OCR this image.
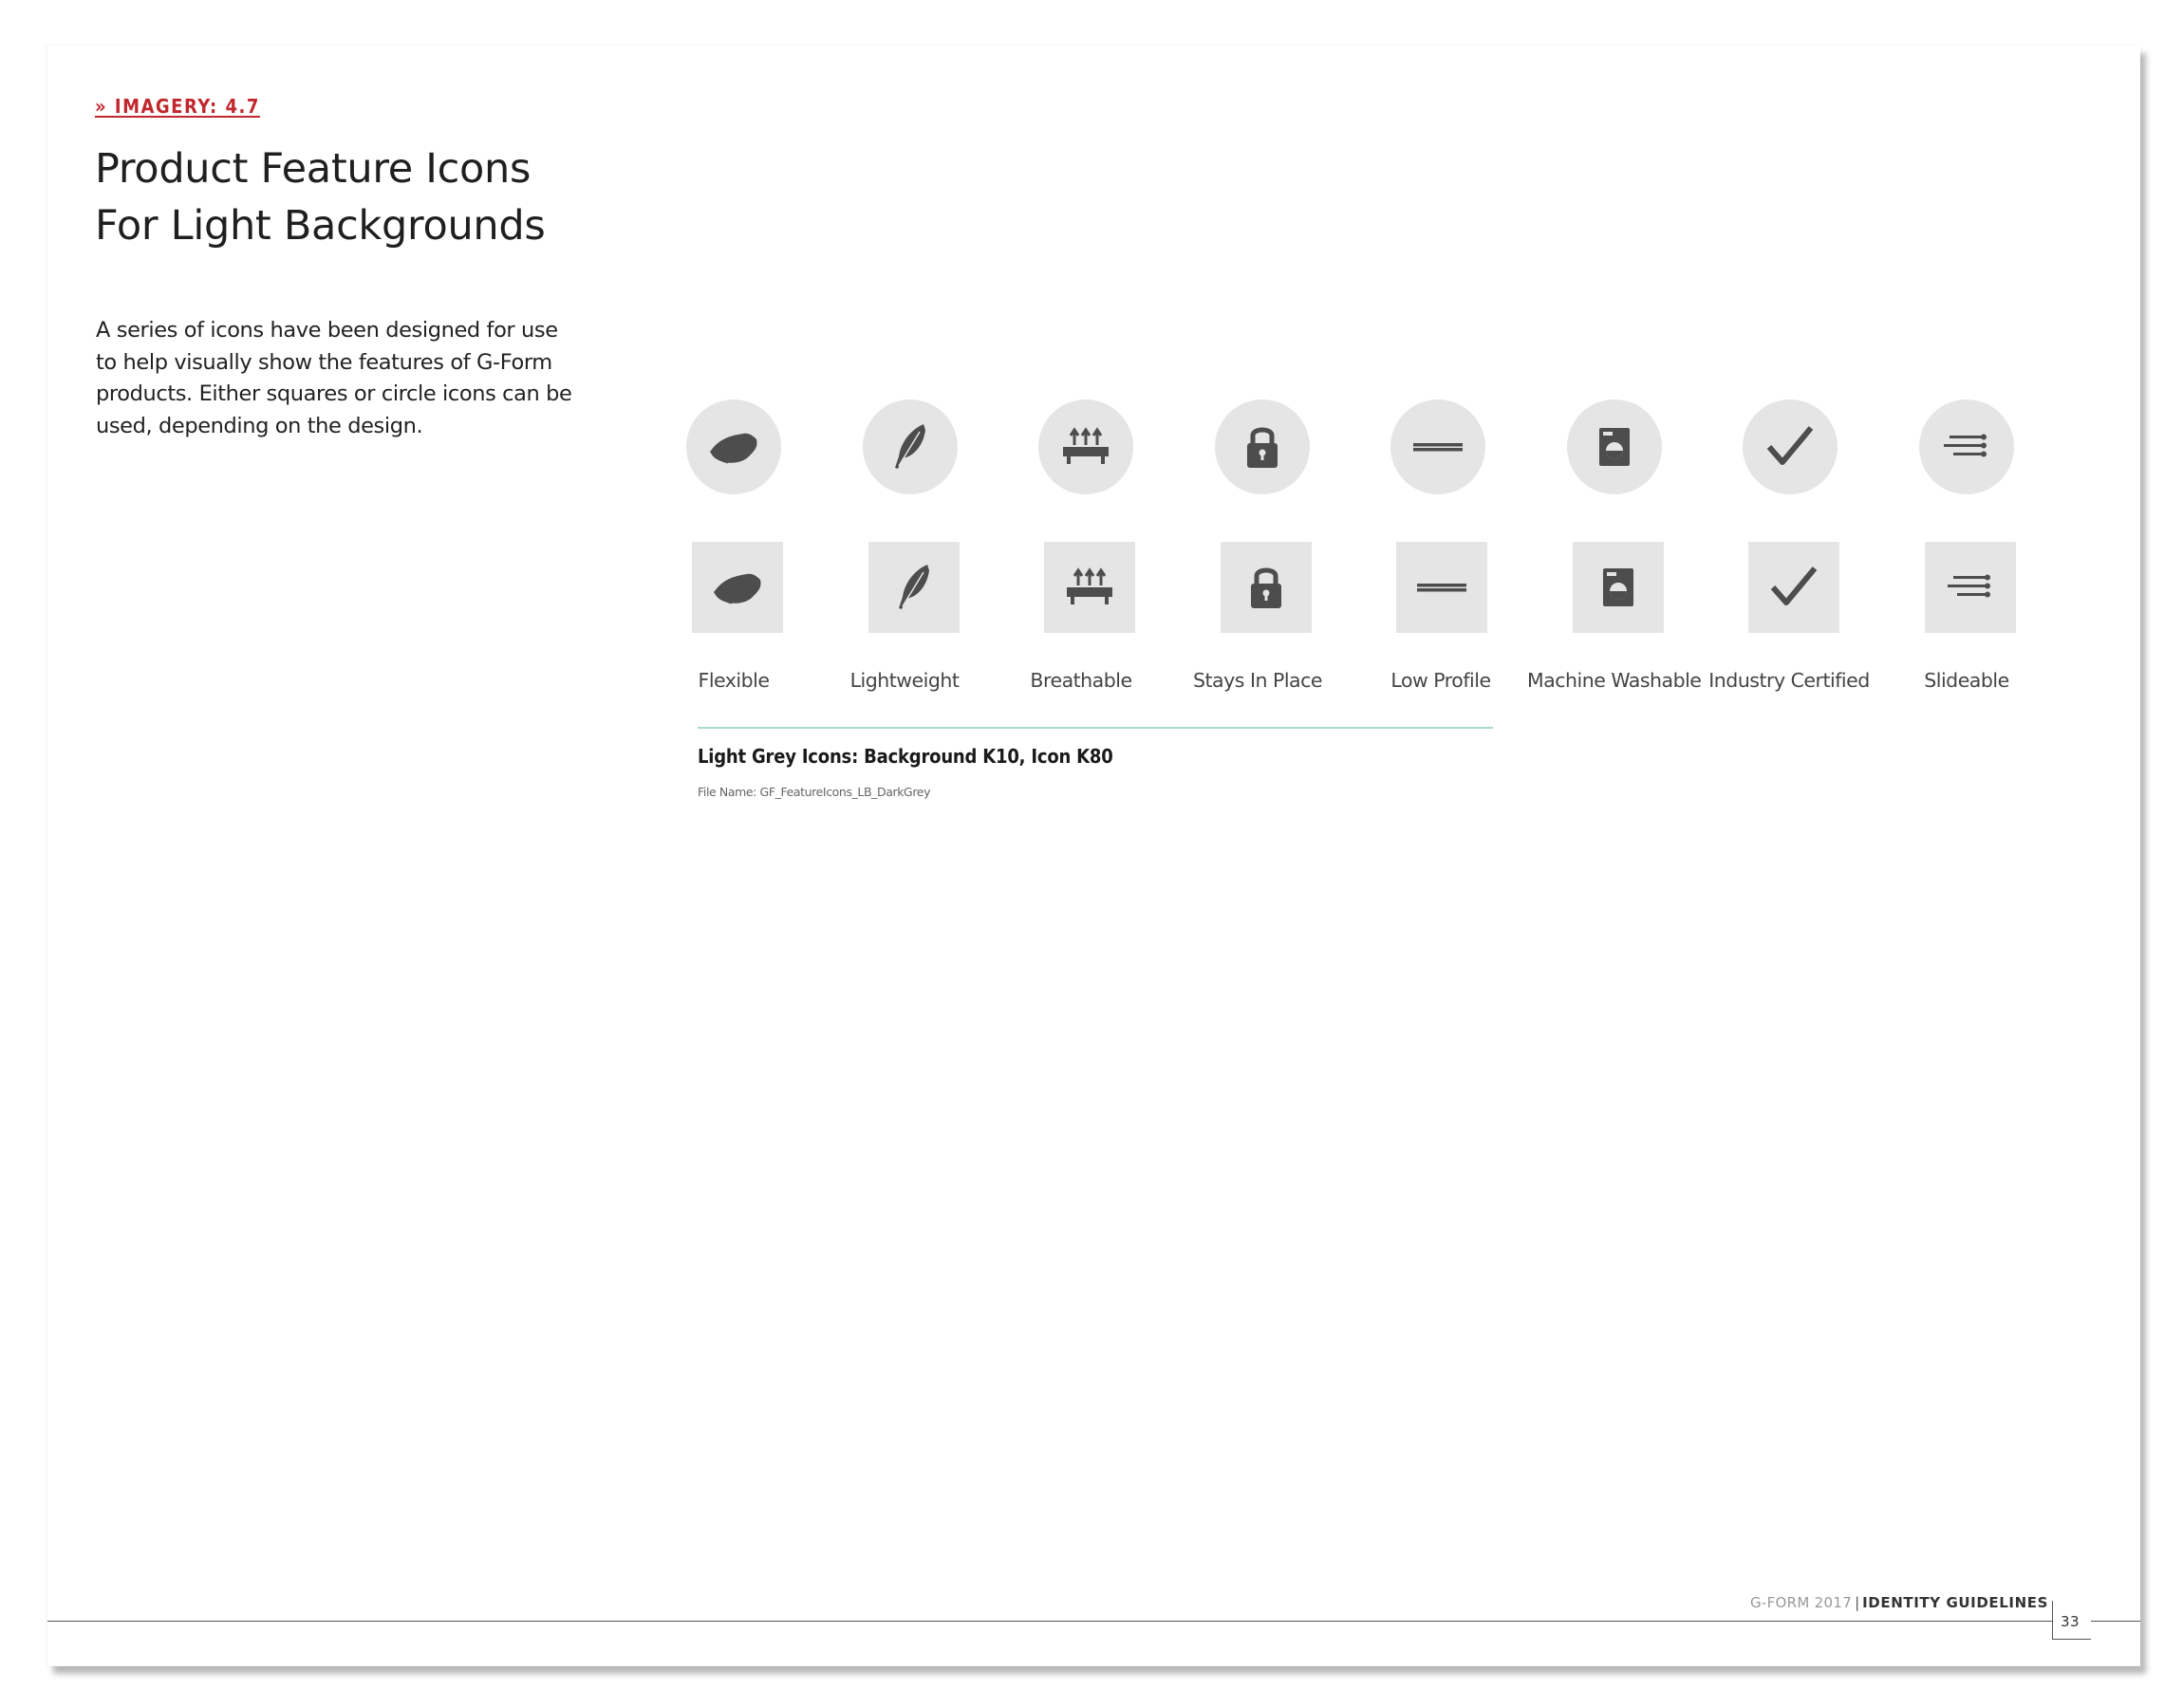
» IMAGERY: 4.7
Product Feature Icons
For Light Backgrounds
A series of icons have been designed for use
to help visually show the features of G-Form
products. Either squares or circle icons can be
used, depending on the design.
Flexible	Lightweight	Breathable	Stays In Place	Low Profile	Machine Washable Industry Certified	Slideable
Light Grey Icons: Background K10, Icon K80
File Name: GF_FeatureIcons_LB_DarkGrey
G-FORM 2017 | IDENTITY GUIDELINES
33
